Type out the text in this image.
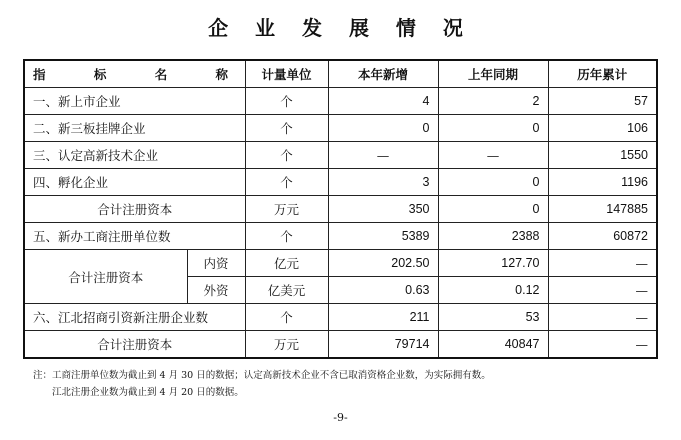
企 业 发 展 情 况
指 标 名 称		计量单位	本年新增	上年同期	历年累计
一、新上市企业		个	4	2	57
二、新三板挂牌企业		个	0	0	106
三、认定高新技术企业		个	—	—	1550
四、孵化企业		个	3	0	1196
合计注册资本		万元	350	0	147885
五、新办工商注册单位数		个	5389	2388	60872
合计注册资本	内资	亿元	202.50	127.70	—
	外资	亿美元	0.63	0.12	—
六、江北招商引资新注册企业数		个	211	53	—
合计注册资本		万元	79714	40847	—
注：工商注册单位数为截止到 4 月 30 日的数据；认定高新技术企业不含已取消资格企业数，为实际拥有数。
江北注册企业数为截止到 4 月 20 日的数据。
-9-
